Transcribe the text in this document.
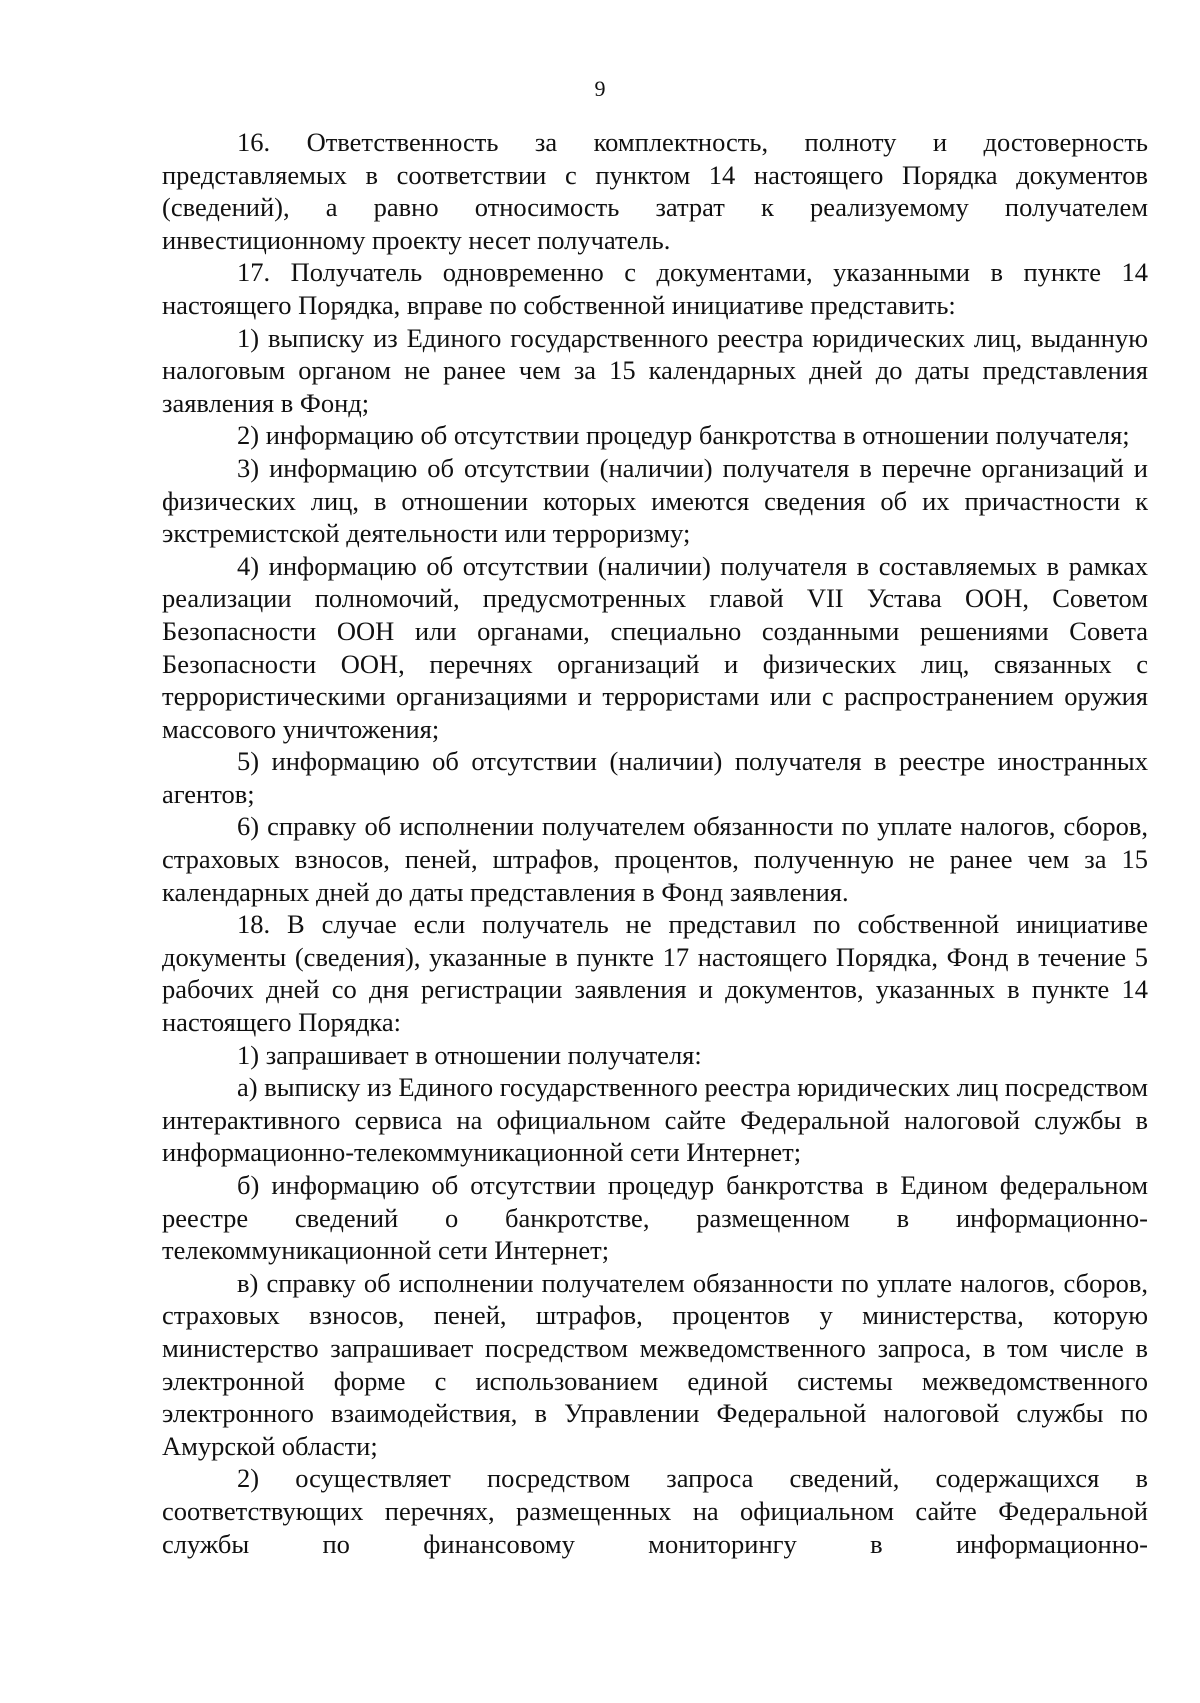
9

16. Ответственность за комплектность, полноту и достоверность представляемых в соответствии с пунктом 14 настоящего Порядка документов (сведений), а равно относимость затрат к реализуемому получателем инвестиционному проекту несет получатель.

17. Получатель одновременно с документами, указанными в пункте 14 настоящего Порядка, вправе по собственной инициативе представить:

1) выписку из Единого государственного реестра юридических лиц, выданную налоговым органом не ранее чем за 15 календарных дней до даты представления заявления в Фонд;

2) информацию об отсутствии процедур банкротства в отношении получателя;

3) информацию об отсутствии (наличии) получателя в перечне организаций и физических лиц, в отношении которых имеются сведения об их причастности к экстремистской деятельности или терроризму;

4) информацию об отсутствии (наличии) получателя в составляемых в рамках реализации полномочий, предусмотренных главой VII Устава ООН, Советом Безопасности ООН или органами, специально созданными решениями Совета Безопасности ООН, перечнях организаций и физических лиц, связанных с террористическими организациями и террористами или с распространением оружия массового уничтожения;

5) информацию об отсутствии (наличии) получателя в реестре иностранных агентов;

6) справку об исполнении получателем обязанности по уплате налогов, сборов, страховых взносов, пеней, штрафов, процентов, полученную не ранее чем за 15 календарных дней до даты представления в Фонд заявления.

18. В случае если получатель не представил по собственной инициативе документы (сведения), указанные в пункте 17 настоящего Порядка, Фонд в течение 5 рабочих дней со дня регистрации заявления и документов, указанных в пункте 14 настоящего Порядка:

1) запрашивает в отношении получателя:

а) выписку из Единого государственного реестра юридических лиц посредством интерактивного сервиса на официальном сайте Федеральной налоговой службы в информационно-телекоммуникационной сети Интернет;

б) информацию об отсутствии процедур банкротства в Едином федеральном реестре сведений о банкротстве, размещенном в информационно-телекоммуникационной сети Интернет;

в) справку об исполнении получателем обязанности по уплате налогов, сборов, страховых взносов, пеней, штрафов, процентов у министерства, которую министерство запрашивает посредством межведомственного запроса, в том числе в электронной форме с использованием единой системы межведомственного электронного взаимодействия, в Управлении Федеральной налоговой службы по Амурской области;

2) осуществляет посредством запроса сведений, содержащихся в соответствующих перечнях, размещенных на официальном сайте Федеральной службы по финансовому мониторингу в информационно-
